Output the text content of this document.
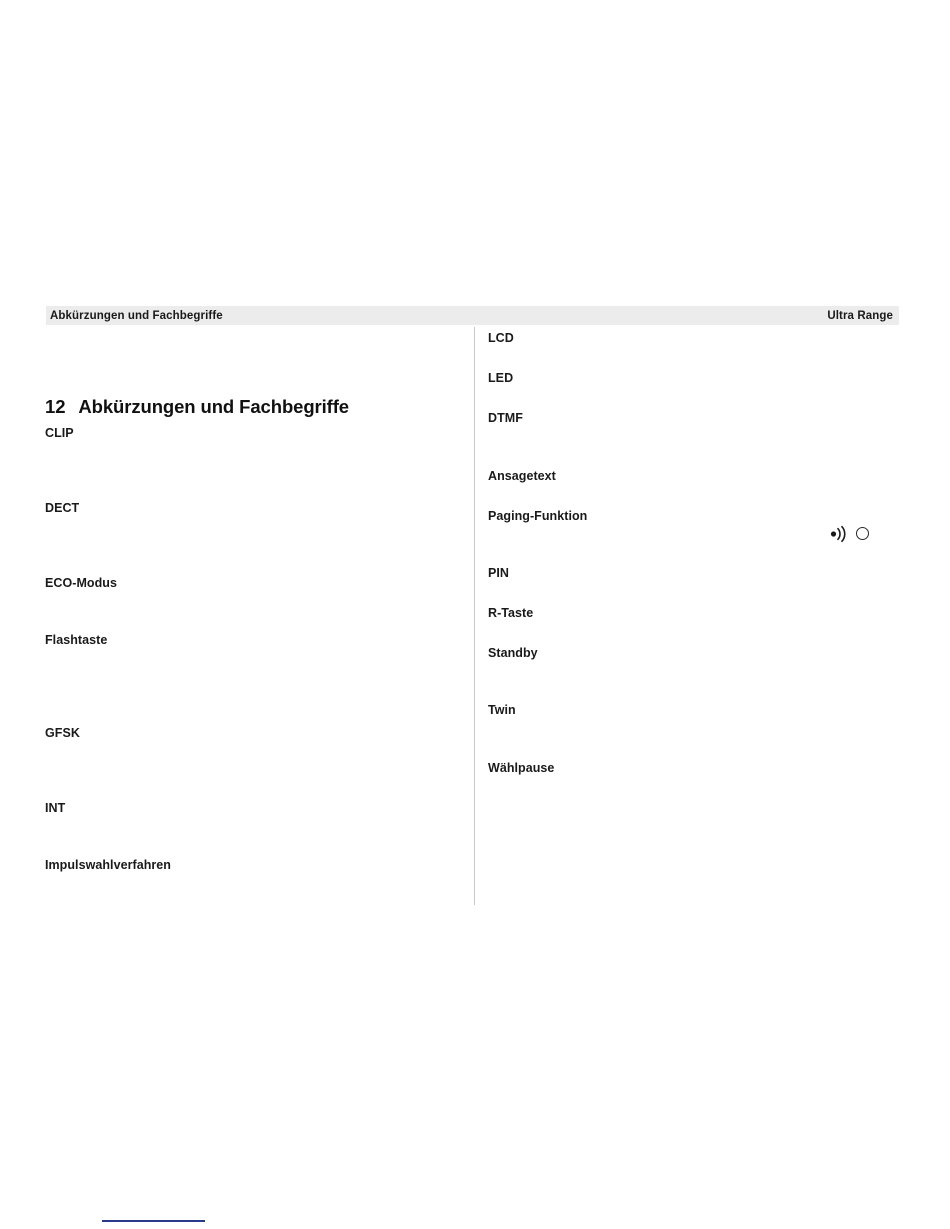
Abkürzungen und Fachbegriffe	Ultra Range
12 Abkürzungen und Fachbegriffe
CLIP
DECT
ECO-Modus
Flashtaste
GFSK
INT
Impulswahlverfahren
LCD
LED
DTMF
Ansagetext
Paging-Funktion
PIN
R-Taste
Standby
Twin
Wählpause
